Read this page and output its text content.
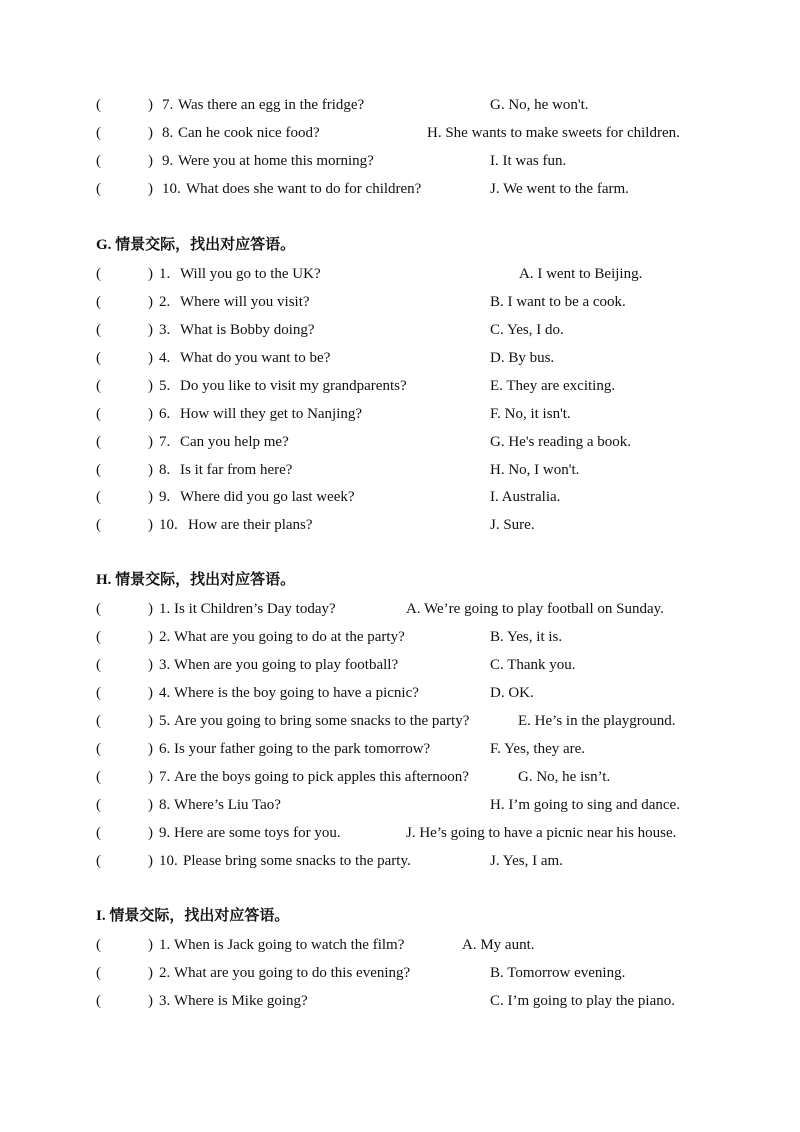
(	) 7. Was there an egg in the fridge?	G. No, he won't.
(	) 8. Can he cook nice food?	H. She wants to make sweets for children.
(	) 9. Were you at home this morning?	I. It was fun.
(	) 10. What does she want to do for children?	J. We went to the farm.
G. 情景交际，找出对应答语。
(	) 1. Will you go to the UK?	A. I went to Beijing.
(	) 2. Where will you visit?	B. I want to be a cook.
(	) 3. What is Bobby doing?	C. Yes, I do.
(	) 4. What do you want to be?	D. By bus.
(	) 5. Do you like to visit my grandparents?	E. They are exciting.
(	) 6. How will they get to Nanjing?	F. No, it isn't.
(	) 7. Can you help me?	G. He's reading a book.
(	) 8. Is it far from here?	H. No, I won't.
(	) 9. Where did you go last week?	I. Australia.
(	) 10. How are their plans?	J. Sure.
H. 情景交际，找出对应答语。
(	) 1. Is it Children’s Day today?	A. We’re going to play football on Sunday.
(	) 2. What are you going to do at the party?	B. Yes, it is.
(	) 3. When are you going to play football?	C. Thank you.
(	) 4. Where is the boy going to have a picnic?	D. OK.
(	) 5. Are you going to bring some snacks to the party?	E. He’s in the playground.
(	) 6. Is your father going to the park tomorrow?	F. Yes, they are.
(	) 7. Are the boys going to pick apples this afternoon?	G. No, he isn’t.
(	) 8. Where’s Liu Tao?	H. I’m going to sing and dance.
(	) 9. Here are some toys for you.	J. He’s going to have a picnic near his house.
(	) 10. Please bring some snacks to the party.	J. Yes, I am.
I. 情景交际，找出对应答语。
(	) 1. When is Jack going to watch the film?	A. My aunt.
(	) 2. What are you going to do this evening?	B. Tomorrow evening.
(	) 3. Where is Mike going?	C. I’m going to play the piano.
